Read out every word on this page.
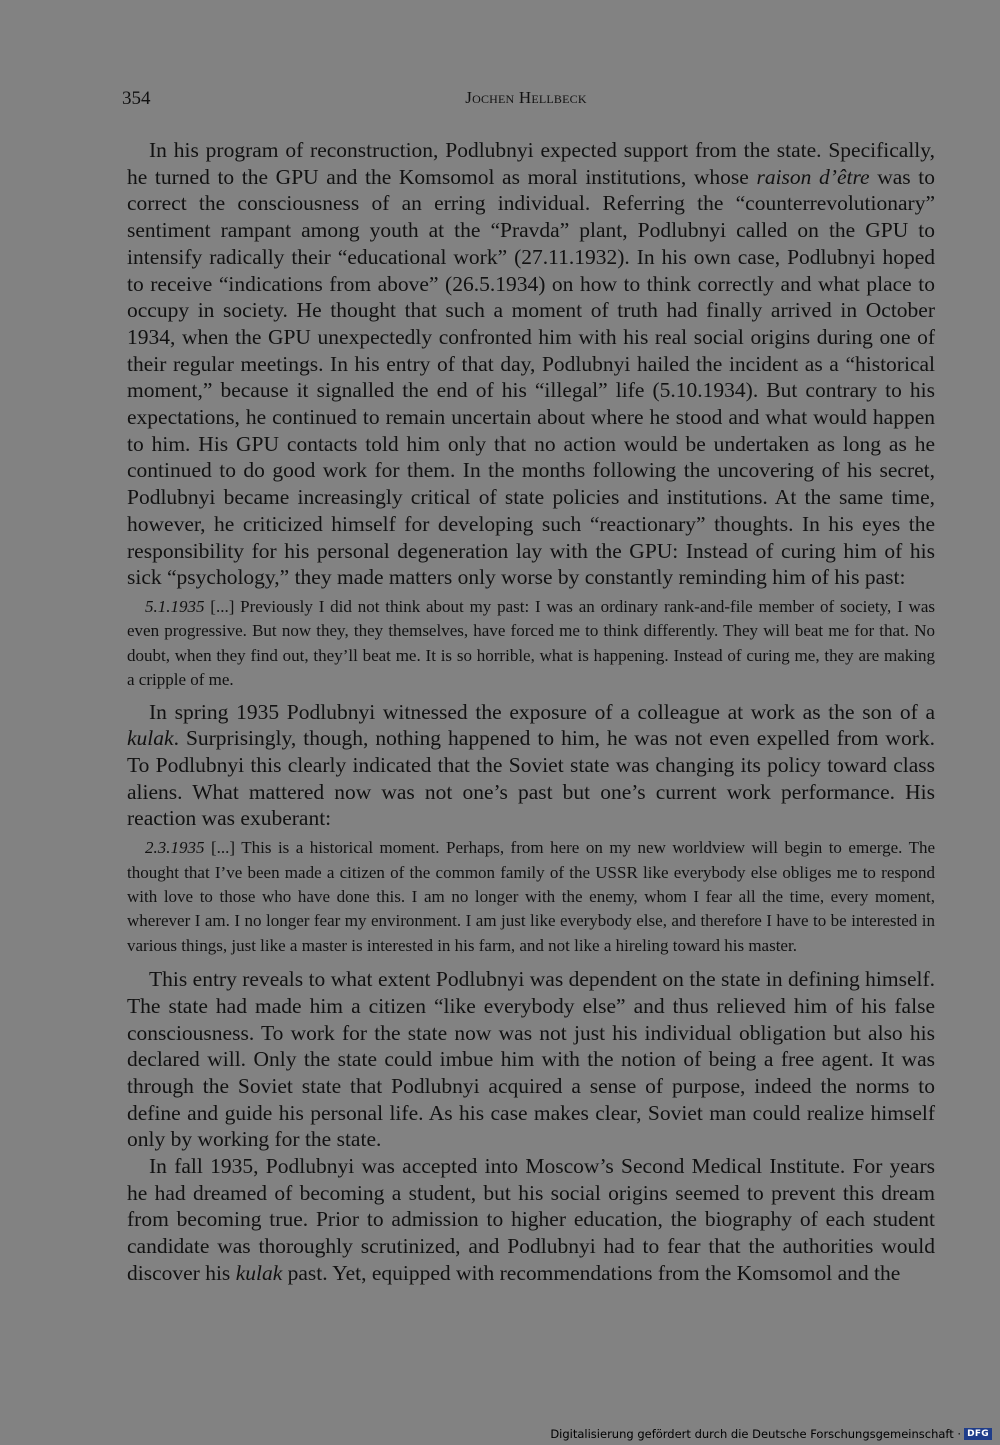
354	Jochen Hellbeck

In his program of reconstruction, Podlubnyi expected support from the state. Specifically, he turned to the GPU and the Komsomol as moral institutions, whose raison d’être was to correct the consciousness of an erring individual. Referring the “counterrevolutionary” sentiment rampant among youth at the “Pravda” plant, Podlubnyi called on the GPU to intensify radically their “educational work” (27.11.1932). In his own case, Podlubnyi hoped to receive “indications from above” (26.5.1934) on how to think correctly and what place to occupy in society. He thought that such a moment of truth had finally arrived in October 1934, when the GPU unexpectedly confronted him with his real social origins during one of their regular meetings. In his entry of that day, Podlubnyi hailed the incident as a “historical moment,” because it signalled the end of his “illegal” life (5.10.1934). But contrary to his expectations, he continued to remain uncertain about where he stood and what would happen to him. His GPU contacts told him only that no action would be undertaken as long as he continued to do good work for them. In the months following the uncovering of his secret, Podlubnyi became increasingly critical of state policies and institutions. At the same time, however, he criticized himself for developing such “reactionary” thoughts. In his eyes the responsibility for his personal degeneration lay with the GPU: Instead of curing him of his sick “psychology,” they made matters only worse by constantly reminding him of his past:

5.1.1935 [...] Previously I did not think about my past: I was an ordinary rank-and-file member of society, I was even progressive. But now they, they themselves, have forced me to think differently. They will beat me for that. No doubt, when they find out, they’ll beat me. It is so horrible, what is happening. Instead of curing me, they are making a cripple of me.

In spring 1935 Podlubnyi witnessed the exposure of a colleague at work as the son of a kulak. Surprisingly, though, nothing happened to him, he was not even expelled from work. To Podlubnyi this clearly indicated that the Soviet state was changing its policy toward class aliens. What mattered now was not one’s past but one’s current work performance. His reaction was exuberant:

2.3.1935 [...] This is a historical moment. Perhaps, from here on my new worldview will begin to emerge. The thought that I’ve been made a citizen of the common family of the USSR like everybody else obliges me to respond with love to those who have done this. I am no longer with the enemy, whom I fear all the time, every moment, wherever I am. I no longer fear my environment. I am just like everybody else, and therefore I have to be interested in various things, just like a master is interested in his farm, and not like a hireling toward his master.

This entry reveals to what extent Podlubnyi was dependent on the state in defining himself. The state had made him a citizen “like everybody else” and thus relieved him of his false consciousness. To work for the state now was not just his individual obligation but also his declared will. Only the state could imbue him with the notion of being a free agent. It was through the Soviet state that Podlubnyi acquired a sense of purpose, indeed the norms to define and guide his personal life. As his case makes clear, Soviet man could realize himself only by working for the state.

In fall 1935, Podlubnyi was accepted into Moscow’s Second Medical Institute. For years he had dreamed of becoming a student, but his social origins seemed to prevent this dream from becoming true. Prior to admission to higher education, the biography of each student candidate was thoroughly scrutinized, and Podlubnyi had to fear that the authorities would discover his kulak past. Yet, equipped with recommendations from the Komsomol and the

Digitalisierung gefördert durch die Deutsche Forschungsgemeinschaft · DFG
